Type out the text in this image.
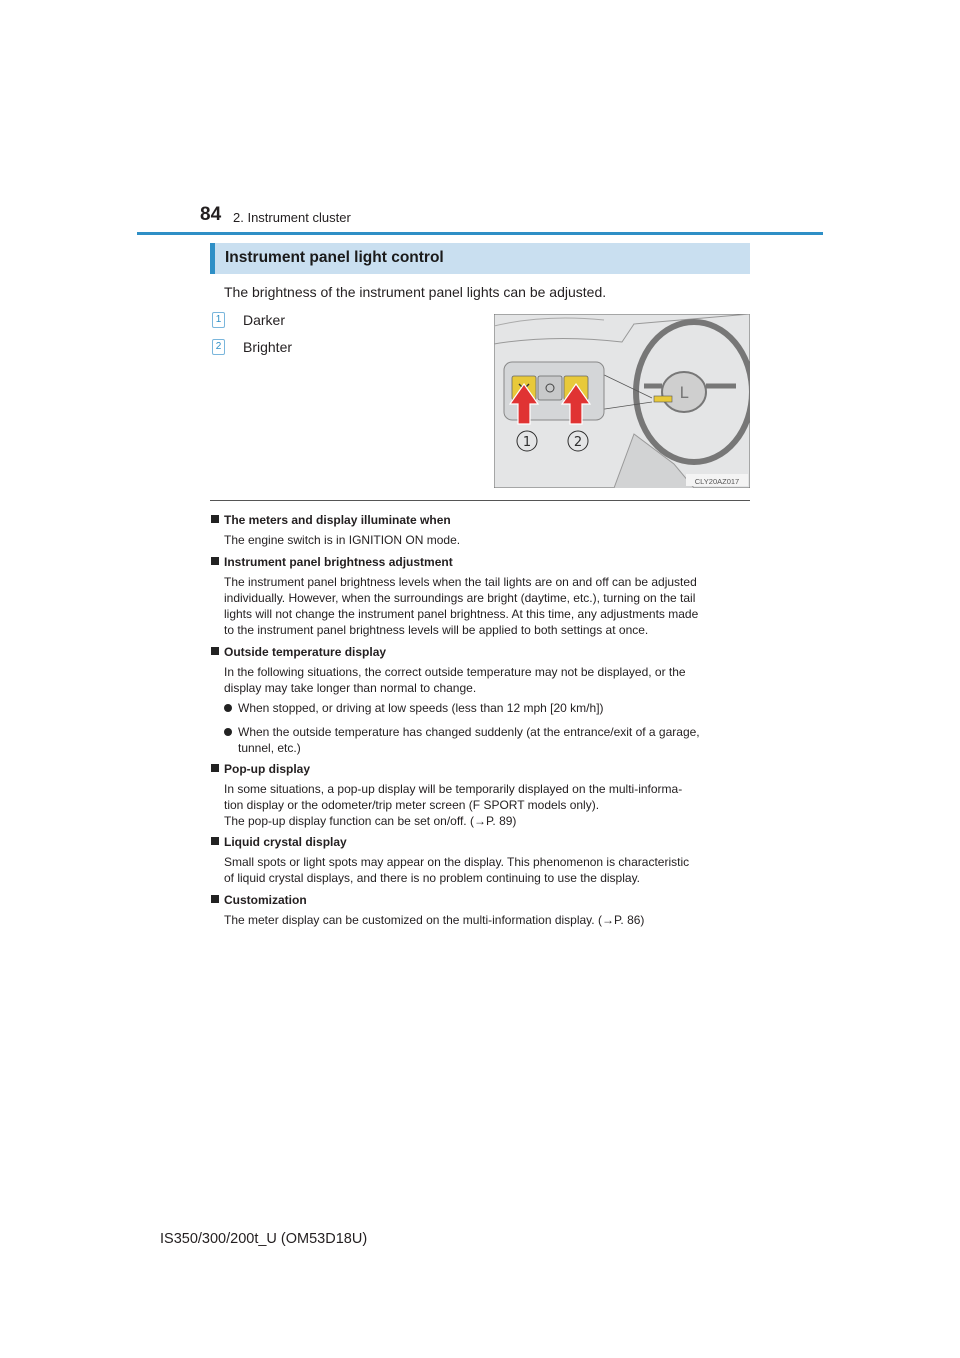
84 2. Instrument cluster
Instrument panel light control
The brightness of the instrument panel lights can be adjusted.
1 Darker
2 Brighter
L
1	2
CLY20AZ017
The meters and display illuminate when
The engine switch is in IGNITION ON mode.
Instrument panel brightness adjustment
The instrument panel brightness levels when the tail lights are on and off can be adjusted
individually. However, when the surroundings are bright (daytime, etc.), turning on the tail
lights will not change the instrument panel brightness. At this time, any adjustments made
to the instrument panel brightness levels will be applied to both settings at once.
Outside temperature display
In the following situations, the correct outside temperature may not be displayed, or the
display may take longer than normal to change.
When stopped, or driving at low speeds (less than 12 mph [20 km/h])
When the outside temperature has changed suddenly (at the entrance/exit of a garage,
tunnel, etc.)
Pop-up display
In some situations, a pop-up display will be temporarily displayed on the multi-informa-
tion display or the odometer/trip meter screen (F SPORT models only).
The pop-up display function can be set on/off. (→P. 89)
Liquid crystal display
Small spots or light spots may appear on the display. This phenomenon is characteristic
of liquid crystal displays, and there is no problem continuing to use the display.
Customization
The meter display can be customized on the multi-information display. (→P. 86)
IS350/300/200t_U (OM53D18U)
